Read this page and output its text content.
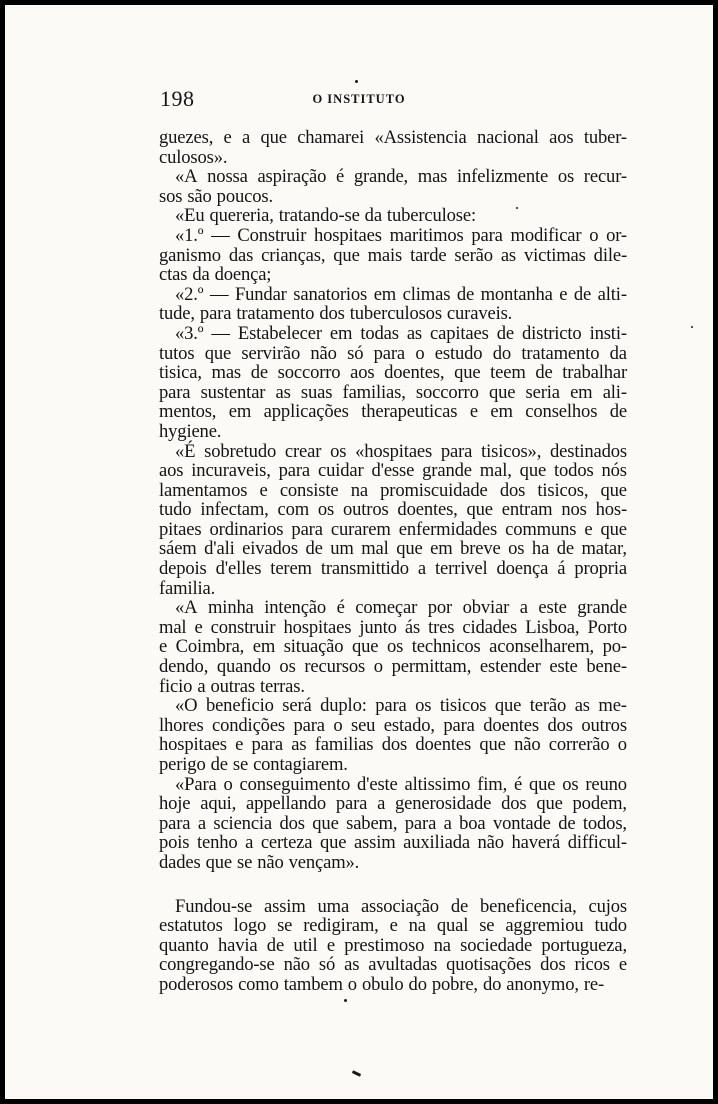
198	O INSTITUTO
guezes, e a que chamarei «Assistencia nacional aos tuber-
culosos».
«A nossa aspiração é grande, mas infelizmente os recur-
sos são poucos.
«Eu quereria, tratando-se da tuberculose:
«1.º — Construir hospitaes maritimos para modificar o or-
ganismo das crianças, que mais tarde serão as victimas dile-
ctas da doença;
«2.º — Fundar sanatorios em climas de montanha e de alti-
tude, para tratamento dos tuberculosos curaveis.
«3.º — Estabelecer em todas as capitaes de districto insti-
tutos que servirão não só para o estudo do tratamento da
tisica, mas de soccorro aos doentes, que teem de trabalhar
para sustentar as suas familias, soccorro que seria em ali-
mentos, em applicações therapeuticas e em conselhos de
hygiene.
«É sobretudo crear os «hospitaes para tisicos», destinados
aos incuraveis, para cuidar d'esse grande mal, que todos nós
lamentamos e consiste na promiscuidade dos tisicos, que
tudo infectam, com os outros doentes, que entram nos hos-
pitaes ordinarios para curarem enfermidades communs e que
sáem d'ali eivados de um mal que em breve os ha de matar,
depois d'elles terem transmittido a terrivel doença á propria
familia.
«A minha intenção é começar por obviar a este grande
mal e construir hospitaes junto ás tres cidades Lisboa, Porto
e Coimbra, em situação que os technicos aconselharem, po-
dendo, quando os recursos o permittam, estender este bene-
ficio a outras terras.
«O beneficio será duplo: para os tisicos que terão as me-
lhores condições para o seu estado, para doentes dos outros
hospitaes e para as familias dos doentes que não correrão o
perigo de se contagiarem.
«Para o conseguimento d'este altissimo fim, é que os reuno
hoje aqui, appellando para a generosidade dos que podem,
para a sciencia dos que sabem, para a boa vontade de todos,
pois tenho a certeza que assim auxiliada não haverá difficul-
dades que se não vençam».
Fundou-se assim uma associação de beneficencia, cujos
estatutos logo se redigiram, e na qual se aggremiou tudo
quanto havia de util e prestimoso na sociedade portugueza,
congregando-se não só as avultadas quotisações dos ricos e
poderosos como tambem o obulo do pobre, do anonymo, re-
